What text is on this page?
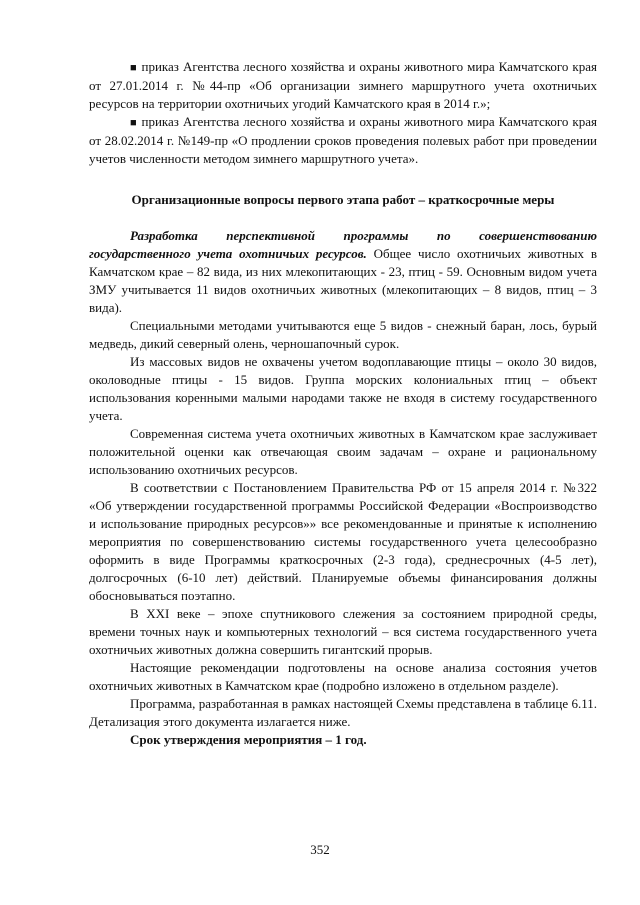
■ приказ Агентства лесного хозяйства и охраны животного мира Камчатского края от 27.01.2014 г. №44-пр «Об организации зимнего маршрутного учета охотничьих ресурсов на территории охотничьих угодий Камчатского края в 2014 г.»;

■ приказ Агентства лесного хозяйства и охраны животного мира Камчатского края от 28.02.2014 г. №149-пр «О продлении сроков проведения полевых работ при проведении учетов численности методом зимнего маршрутного учета».

Организационные вопросы первого этапа работ – краткосрочные меры

Разработка перспективной программы по совершенствованию государственного учета охотничьих ресурсов. Общее число охотничьих животных в Камчатском крае – 82 вида, из них млекопитающих - 23, птиц - 59. Основным видом учета ЗМУ учитывается 11 видов охотничьих животных (млекопитающих – 8 видов, птиц – 3 вида).

Специальными методами учитываются еще 5 видов - снежный баран, лось, бурый медведь, дикий северный олень, черношапочный сурок.

Из массовых видов не охвачены учетом водоплавающие птицы – около 30 видов, околоводные птицы - 15 видов. Группа морских колониальных птиц – объект использования коренными малыми народами также не входя в систему государственного учета.

Современная система учета охотничьих животных в Камчатском крае заслуживает положительной оценки как отвечающая своим задачам – охране и рациональному использованию охотничьих ресурсов.

В соответствии с Постановлением Правительства РФ от 15 апреля 2014 г. №322 «Об утверждении государственной программы Российской Федерации «Воспроизводство и использование природных ресурсов»» все рекомендованные и принятые к исполнению мероприятия по совершенствованию системы государственного учета целесообразно оформить в виде Программы краткосрочных (2-3 года), среднесрочных (4-5 лет), долгосрочных (6-10 лет) действий. Планируемые объемы финансирования должны обосновываться поэтапно.

В XXI веке – эпохе спутникового слежения за состоянием природной среды, времени точных наук и компьютерных технологий – вся система государственного учета охотничьих животных должна совершить гигантский прорыв.

Настоящие рекомендации подготовлены на основе анализа состояния учетов охотничьих животных в Камчатском крае (подробно изложено в отдельном разделе).

Программа, разработанная в рамках настоящей Схемы представлена в таблице 6.11. Детализация этого документа излагается ниже.

Срок утверждения мероприятия – 1 год.

352
